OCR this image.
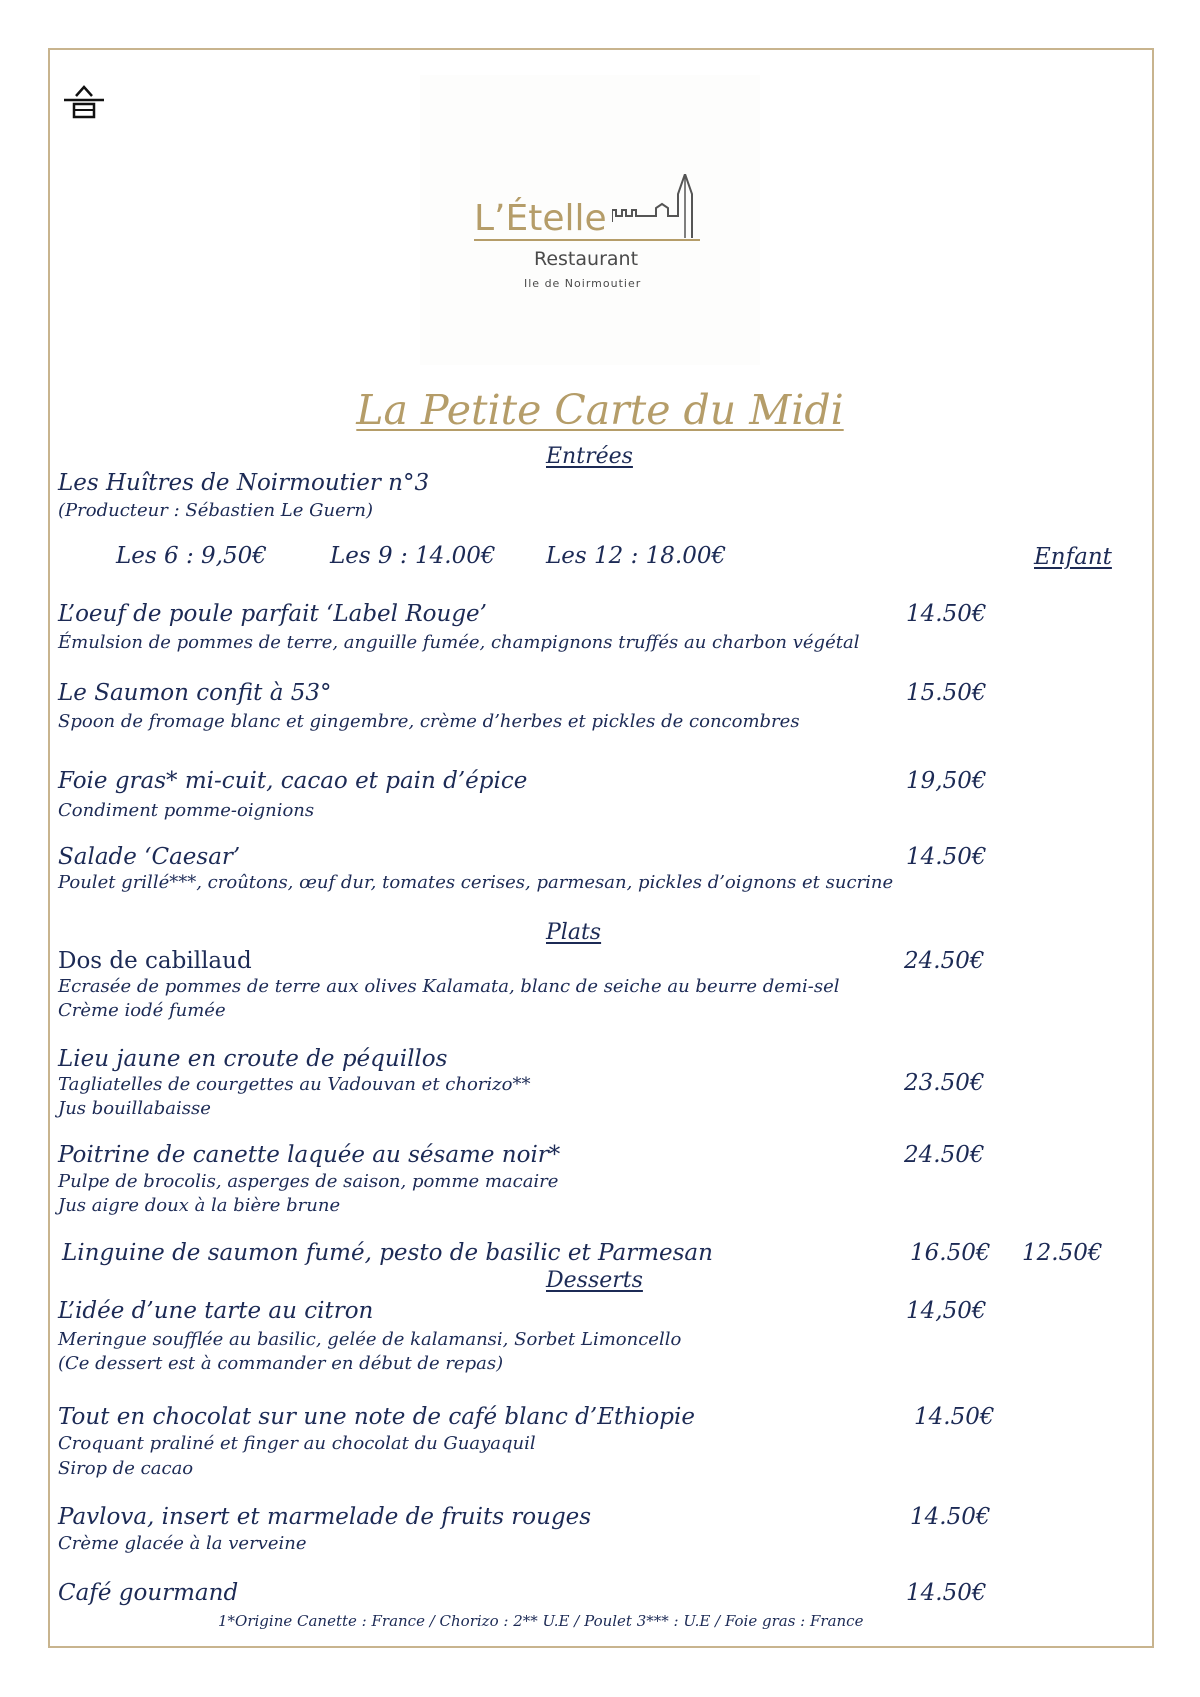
L’Ételle
Restaurant
Ile de Noirmoutier
La Petite Carte du Midi
Entrées
Les Huîtres de Noirmoutier n°3
(Producteur : Sébastien Le Guern)
Les 6 : 9,50€	Les 9 : 14.00€ Les 12 : 18.00€	Enfant
L’oeuf de poule parfait ‘Label Rouge’	14.50€
Émulsion de pommes de terre, anguille fumée, champignons truffés au charbon végétal
Le Saumon confit à 53°	15.50€
Spoon de fromage blanc et gingembre, crème d’herbes et pickles de concombres
Foie gras* mi-cuit, cacao et pain d’épice	19,50€
Condiment pomme-oignions
Salade ‘Caesar’	14.50€
Poulet grillé***, croûtons, œuf dur, tomates cerises, parmesan, pickles d’oignons et sucrine
Plats
Dos de cabillaud	24.50€
Ecrasée de pommes de terre aux olives Kalamata, blanc de seiche au beurre demi-sel
Crème iodé fumée
Lieu jaune en croute de péquillos
Tagliatelles de courgettes au Vadouvan et chorizo**	23.50€
Jus bouillabaisse
Poitrine de canette laquée au sésame noir*	24.50€
Pulpe de brocolis, asperges de saison, pomme macaire
Jus aigre doux à la bière brune
Linguine de saumon fumé, pesto de basilic et Parmesan	16.50€ 12.50€
Desserts
L’idée d’une tarte au citron	14,50€
Meringue soufflée au basilic, gelée de kalamansi, Sorbet Limoncello
(Ce dessert est à commander en début de repas)
Tout en chocolat sur une note de café blanc d’Ethiopie	14.50€
Croquant praliné et finger au chocolat du Guayaquil
Sirop de cacao
Pavlova, insert et marmelade de fruits rouges	14.50€
Crème glacée à la verveine
Café gourmand	14.50€
1*Origine Canette : France / Chorizo : 2** U.E / Poulet 3*** : U.E / Foie gras : France
